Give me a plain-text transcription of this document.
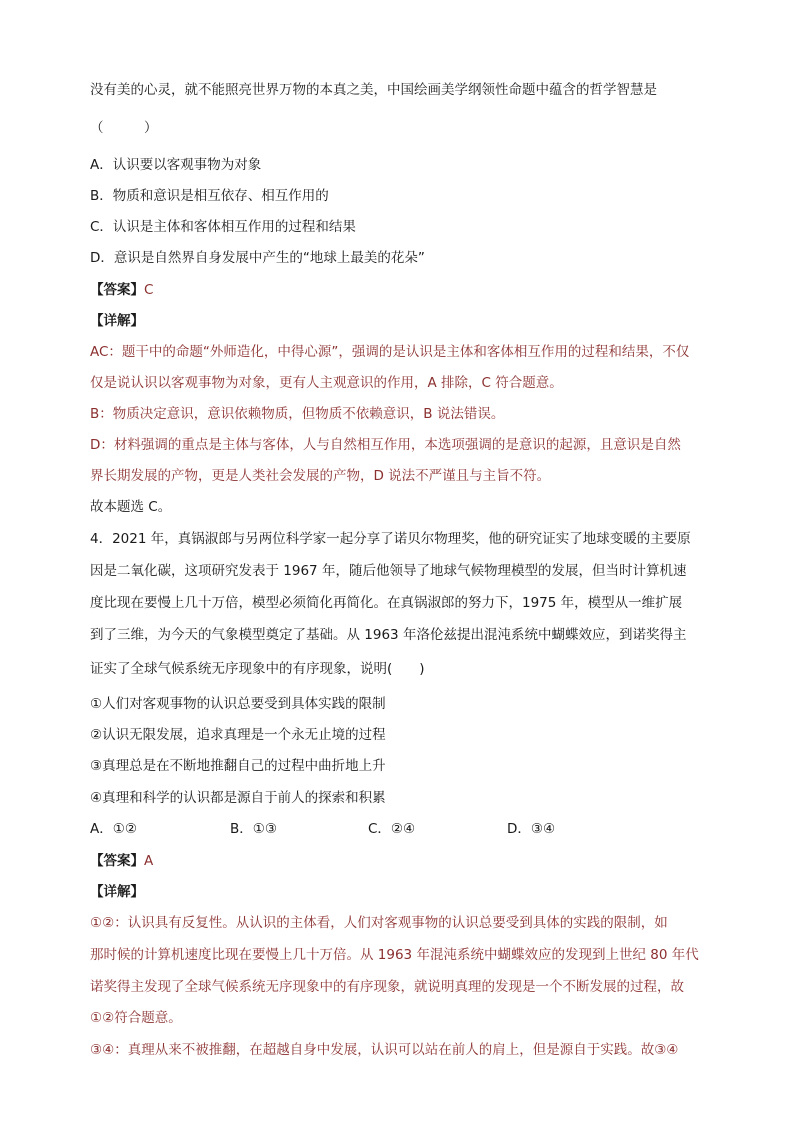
没有美的心灵，就不能照亮世界万物的本真之美，中国绘画美学纲领性命题中蕴含的哲学智慧是
（　　　）
A．认识要以客观事物为对象
B．物质和意识是相互依存、相互作用的
C．认识是主体和客体相互作用的过程和结果
D．意识是自然界自身发展中产生的“地球上最美的花朵”
【答案】C
【详解】
AC：题干中的命题“外师造化，中得心源”，强调的是认识是主体和客体相互作用的过程和结果，不仅
仅是说认识以客观事物为对象，更有人主观意识的作用，A 排除，C 符合题意。
B：物质决定意识，意识依赖物质，但物质不依赖意识，B 说法错误。
D：材料强调的重点是主体与客体，人与自然相互作用，本选项强调的是意识的起源，且意识是自然
界长期发展的产物，更是人类社会发展的产物，D 说法不严谨且与主旨不符。
故本题选 C。
4．2021 年，真锅淑郎与另两位科学家一起分享了诺贝尔物理奖，他的研究证实了地球变暖的主要原
因是二氧化碳，这项研究发表于 1967 年，随后他领导了地球气候物理模型的发展，但当时计算机速
度比现在要慢上几十万倍，模型必须简化再简化。在真锅淑郎的努力下，1975 年，模型从一维扩展
到了三维，为今天的气象模型奠定了基础。从 1963 年洛伦兹提出混沌系统中蝴蝶效应，到诺奖得主
证实了全球气候系统无序现象中的有序现象，说明(　　)
①人们对客观事物的认识总要受到具体实践的限制
②认识无限发展，追求真理是一个永无止境的过程
③真理总是在不断地推翻自己的过程中曲折地上升
④真理和科学的认识都是源自于前人的探索和积累
A．①②	B．①③	C．②④	D．③④
【答案】A
【详解】
①②：认识具有反复性。从认识的主体看，人们对客观事物的认识总要受到具体的实践的限制，如
那时候的计算机速度比现在要慢上几十万倍。从 1963 年混沌系统中蝴蝶效应的发现到上世纪 80 年代
诺奖得主发现了全球气候系统无序现象中的有序现象，就说明真理的发现是一个不断发展的过程，故
①②符合题意。
③④：真理从来不被推翻，在超越自身中发展，认识可以站在前人的肩上，但是源自于实践。故③④
